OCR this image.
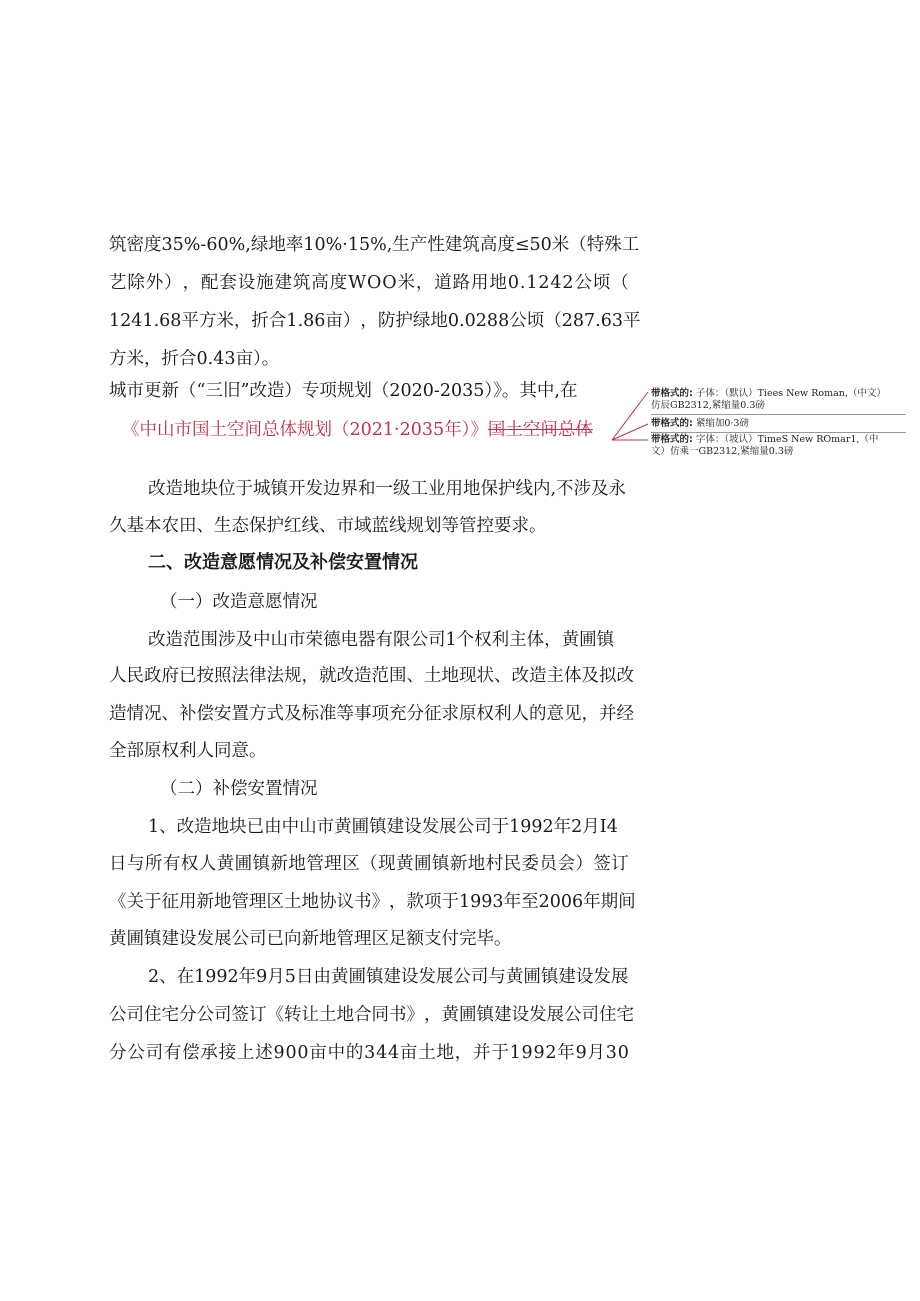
筑 密 度 3 5 % - 6 0 % , 绿 地 率 1 0 % · 1 5 % , 生 产 性 建 筑 高 度 ≤ 5 0 米 （ 特 殊 工

艺 除 外 ） ， 配 套 设 施 建 筑 高 度 W O O 米 ， 道 路 用 地 0 . 1 2 4 2 公 顷 （

1 2 4 1 . 6 8 平 方 米 ， 折 合 1 . 8 6 亩 ） ， 防 护 绿 地 0 . 0 2 8 8 公 顷 （ 2 8 7 . 6 3 平

方米，折合0.43亩）。

城市更新（“三旧”改造）专项规划（2020-2035）》。其中,在

《中山市国土空间总体规划（2021·2035年）》国土空间总体

改造地块位于城镇开发边界和一级工业用地保护线内,不涉及永

久基本农田、生态保护红线、市域蓝线规划等管控要求。

二、改造意愿情况及补偿安置情况

（一）改造意愿情况

改造范围涉及中山市荣德电器有限公司1个权利主体，黄圃镇

人 民 政 府 已 按 照 法 律 法 规 ， 就 改 造 范 围 、 土 地 现 状 、 改 造 主 体 及 拟 改

造 情 况 、 补 偿 安 置 方 式 及 标 准 等 事 项 充 分 征 求 原 权 利 人 的 意 见 ， 并 经

全部原权利人同意。

（二）补偿安置情况

1、改造地块已由中山市黄圃镇建设发展公司于1992年2月I4

日 与 所 有 权 人 黄 圃 镇 新 地 管 理 区 （ 现 黄 圃 镇 新 地 村 民 委 员 会 ） 签 订

《 关 于 征 用 新 地 管 理 区 土 地 协 议 书 》 ， 款 项 于 1 9 9 3 年 至 2 0 0 6 年 期 间

黄圃镇建设发展公司已向新地管理区足额支付完毕。

2、在1992年9月5日由黄圃镇建设发展公司与黄圃镇建设发展

公 司 住 宅 分 公 司 签 订 《 转 让 土 地 合 同 书 》 ， 黄 圃 镇 建 设 发 展 公 司 住 宅

分 公 司 有 偿 承 接 上 述 9 0 0 亩 中 的 3 4 4 亩 土 地 ， 并 于 1 9 9 2 年 9 月 3 0

带格式的: 子体：（默认）Tiees New Roman,（中文）
仿辰GB2312,紧缩量0.3磅
带格式的: 紧缩加0·3磅
带格式的: 字体：（坡认）TimeS New ROmar1,（中
文）仿乘一GB2312,紧缩量0.3磅
